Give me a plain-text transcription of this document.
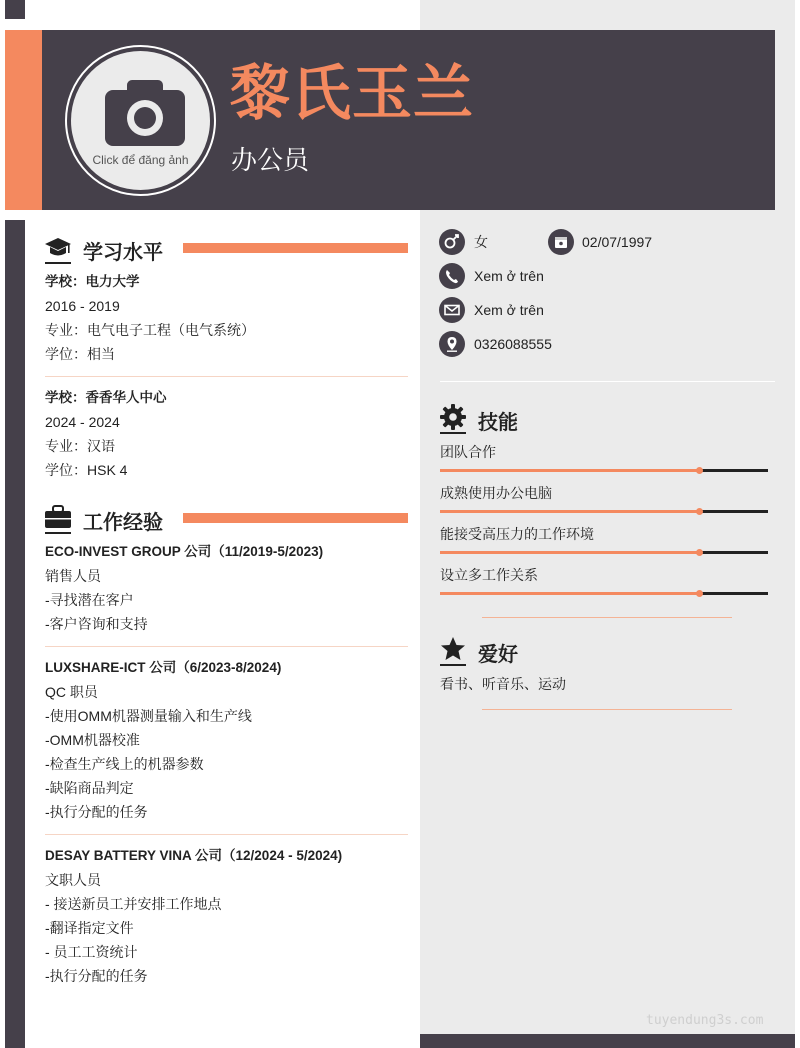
Click để đăng ảnh
黎氏玉兰
办公员
学习水平
学校：电力大学
2016 - 2019
专业：电气电子工程（电气系统）
学位：相当
学校：香香华人中心
2024 - 2024
专业：汉语
学位：HSK 4
工作经验
ECO-INVEST GROUP 公司（11/2019-5/2023)
销售人员
-寻找潜在客户
-客户咨询和支持
LUXSHARE-ICT 公司（6/2023-8/2024)
QC 职员
-使用OMM机器测量输入和生产线
-OMM机器校准
-检查生产线上的机器参数
-缺陷商品判定
-执行分配的任务
DESAY BATTERY VINA 公司（12/2024 - 5/2024)
文职人员
- 接送新员工并安排工作地点
-翻译指定文件
- 员工工资统计
-执行分配的任务
女	02/07/1997
Xem ở trên
Xem ở trên
0326088555
技能
团队合作
成熟使用办公电脑
能接受高压力的工作环境
设立多工作关系
爱好
看书、听音乐、运动
tuyendung3s.com
